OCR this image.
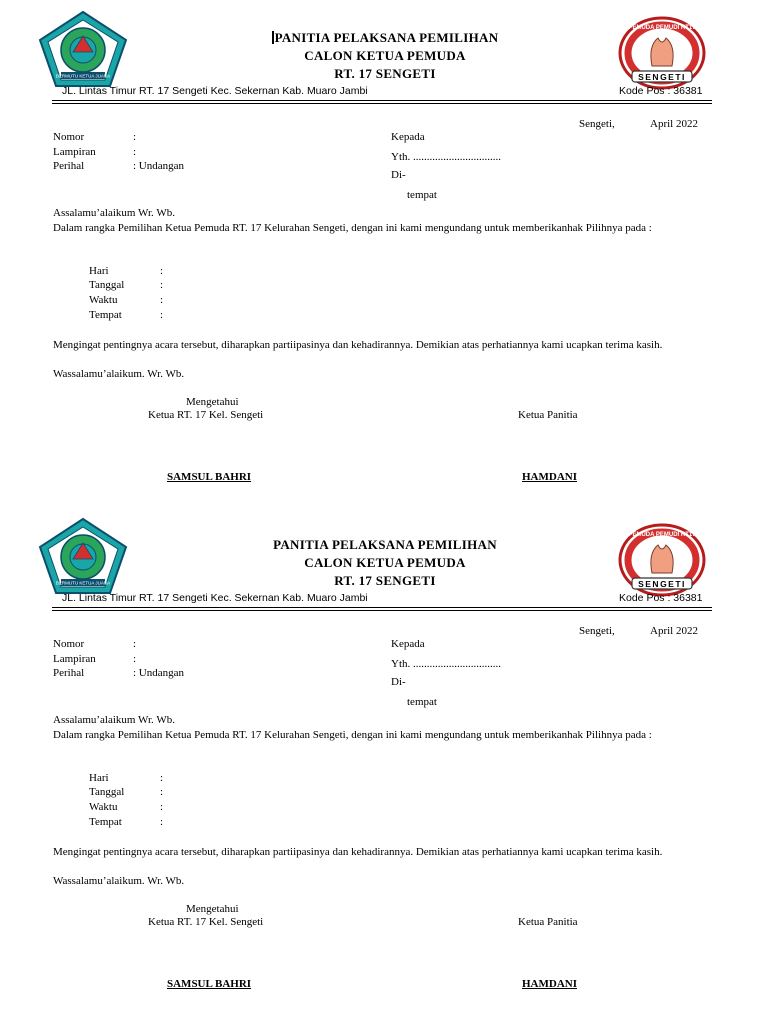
BERMUTU KETUA JUARA
PANITIA PELAKSANA PEMILIHAN
CALON KETUA PEMUDA
RT. 17 SENGETI	SENGETI
PEMUDA PEMUDI RT17
JL. Lintas Timur RT. 17 Sengeti Kec. Sekernan Kab. Muaro Jambi	Kode Pos : 36381
Sengeti,	April 2022
Nomor	:
Lampiran	:
Perihal	: Undangan
Kepada
Yth. ................................
Di-
tempat
Assalamu’alaikum Wr. Wb.
Dalam rangka Pemilihan Ketua Pemuda RT. 17 Kelurahan Sengeti, dengan ini kami mengundang untuk memberikanhak Pilihnya pada :
Hari	:
Tanggal	:
Waktu	:
Tempat	:
Mengingat pentingnya acara tersebut, diharapkan partiipasinya dan kehadirannya. Demikian atas perhatiannya kami ucapkan terima kasih.
Wassalamu’alaikum. Wr. Wb.
Mengetahui
Ketua RT. 17 Kel. Sengeti	Ketua Panitia
SAMSUL BAHRI	HAMDANI
BERMUTU KETUA JUARA
PANITIA PELAKSANA PEMILIHAN
CALON KETUA PEMUDA
RT. 17 SENGETI	SENGETI
PEMUDA PEMUDI RT17
JL. Lintas Timur RT. 17 Sengeti Kec. Sekernan Kab. Muaro Jambi	Kode Pos : 36381
Sengeti,	April 2022
Nomor	:
Lampiran	:
Perihal	: Undangan
Kepada
Yth. ................................
Di-
tempat
Assalamu’alaikum Wr. Wb.
Dalam rangka Pemilihan Ketua Pemuda RT. 17 Kelurahan Sengeti, dengan ini kami mengundang untuk memberikanhak Pilihnya pada :
Hari	:
Tanggal	:
Waktu	:
Tempat	:
Mengingat pentingnya acara tersebut, diharapkan partiipasinya dan kehadirannya. Demikian atas perhatiannya kami ucapkan terima kasih.
Wassalamu’alaikum. Wr. Wb.
Mengetahui
Ketua RT. 17 Kel. Sengeti	Ketua Panitia
SAMSUL BAHRI	HAMDANI
